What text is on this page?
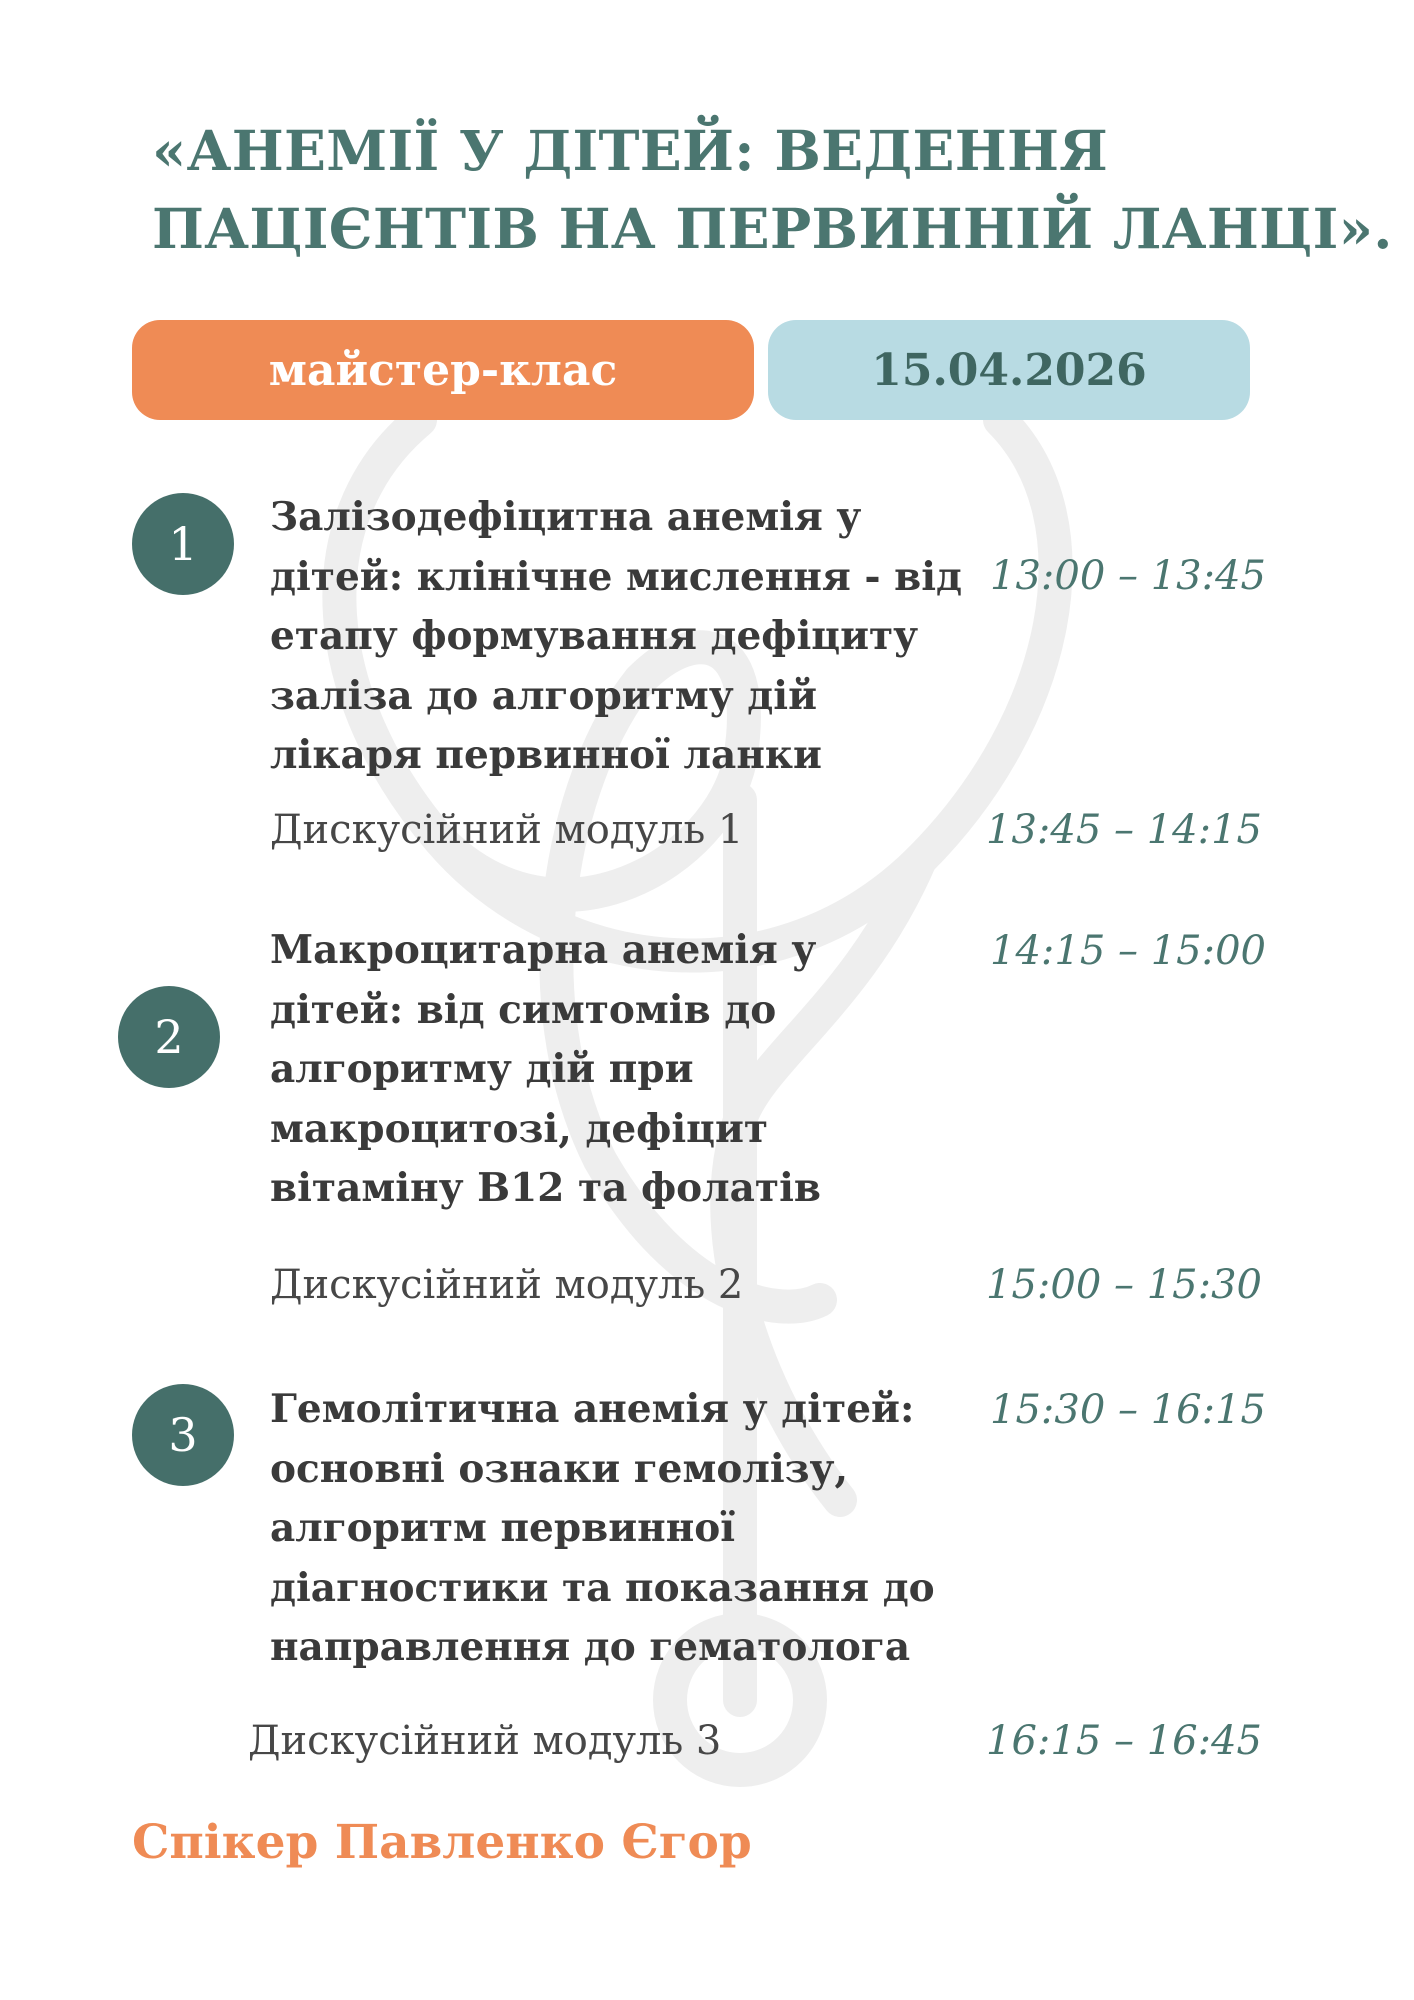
«АНЕМІЇ У ДІТЕЙ: ВЕДЕННЯ
ПАЦІЄНТІВ НА ПЕРВИННІЙ ЛАНЦІ».
майстер-клас	15.04.2026
1	Залізодефіцитна анемія у
дітей: клінічне мислення - від
етапу формування дефіциту
заліза до алгоритму дій
лікаря первинної ланки
13:00 – 13:45
Дискусійний модуль 1	13:45 – 14:15
2
Макроцитарна анемія у
дітей: від симтомів до
алгоритму дій при
макроцитозі, дефіцит
вітаміну В12 та фолатів
14:15 – 15:00
Дискусійний модуль 2	15:00 – 15:30
3	Гемолітична анемія у дітей:
основні ознаки гемолізу,
алгоритм первинної
діагностики та показання до
направлення до гематолога
15:30 – 16:15
Дискусійний модуль 3	16:15 – 16:45
Спікер Павленко Єгор
